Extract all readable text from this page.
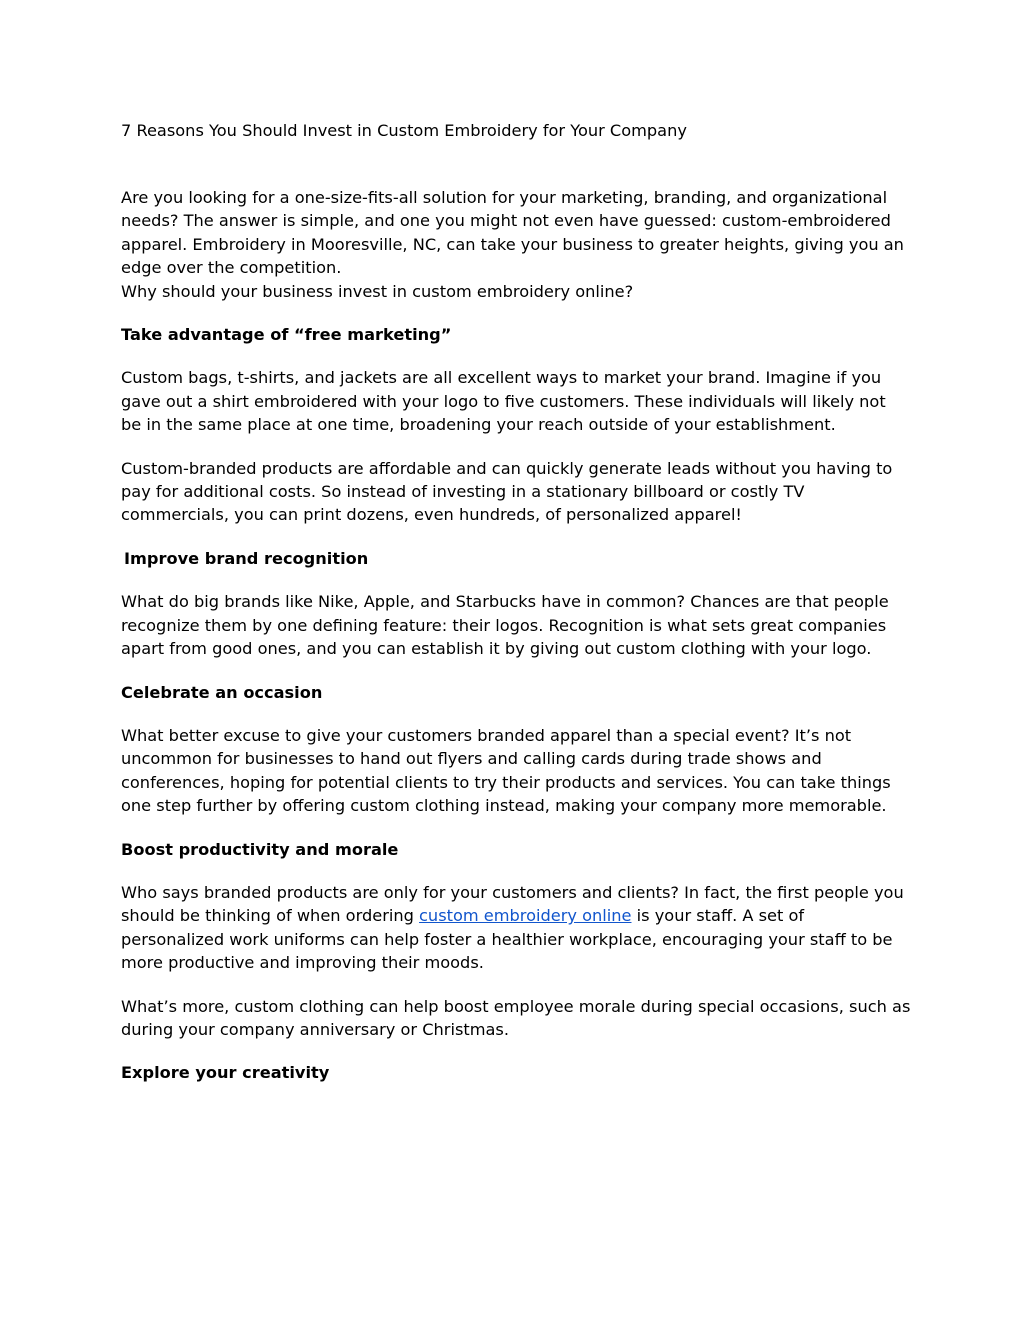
7 Reasons You Should Invest in Custom Embroidery for Your Company

Are you looking for a one-size-fits-all solution for your marketing, branding, and organizational needs? The answer is simple, and one you might not even have guessed: custom-embroidered apparel. Embroidery in Mooresville, NC, can take your business to greater heights, giving you an edge over the competition.

Why should your business invest in custom embroidery online?

Take advantage of “free marketing”

Custom bags, t-shirts, and jackets are all excellent ways to market your brand. Imagine if you gave out a shirt embroidered with your logo to five customers. These individuals will likely not be in the same place at one time, broadening your reach outside of your establishment.

Custom-branded products are affordable and can quickly generate leads without you having to pay for additional costs. So instead of investing in a stationary billboard or costly TV commercials, you can print dozens, even hundreds, of personalized apparel!

Improve brand recognition

What do big brands like Nike, Apple, and Starbucks have in common? Chances are that people recognize them by one defining feature: their logos. Recognition is what sets great companies apart from good ones, and you can establish it by giving out custom clothing with your logo.

Celebrate an occasion

What better excuse to give your customers branded apparel than a special event? It’s not uncommon for businesses to hand out flyers and calling cards during trade shows and conferences, hoping for potential clients to try their products and services. You can take things one step further by offering custom clothing instead, making your company more memorable.

Boost productivity and morale

Who says branded products are only for your customers and clients? In fact, the first people you should be thinking of when ordering custom embroidery online is your staff. A set of personalized work uniforms can help foster a healthier workplace, encouraging your staff to be more productive and improving their moods.

What’s more, custom clothing can help boost employee morale during special occasions, such as during your company anniversary or Christmas.

Explore your creativity
